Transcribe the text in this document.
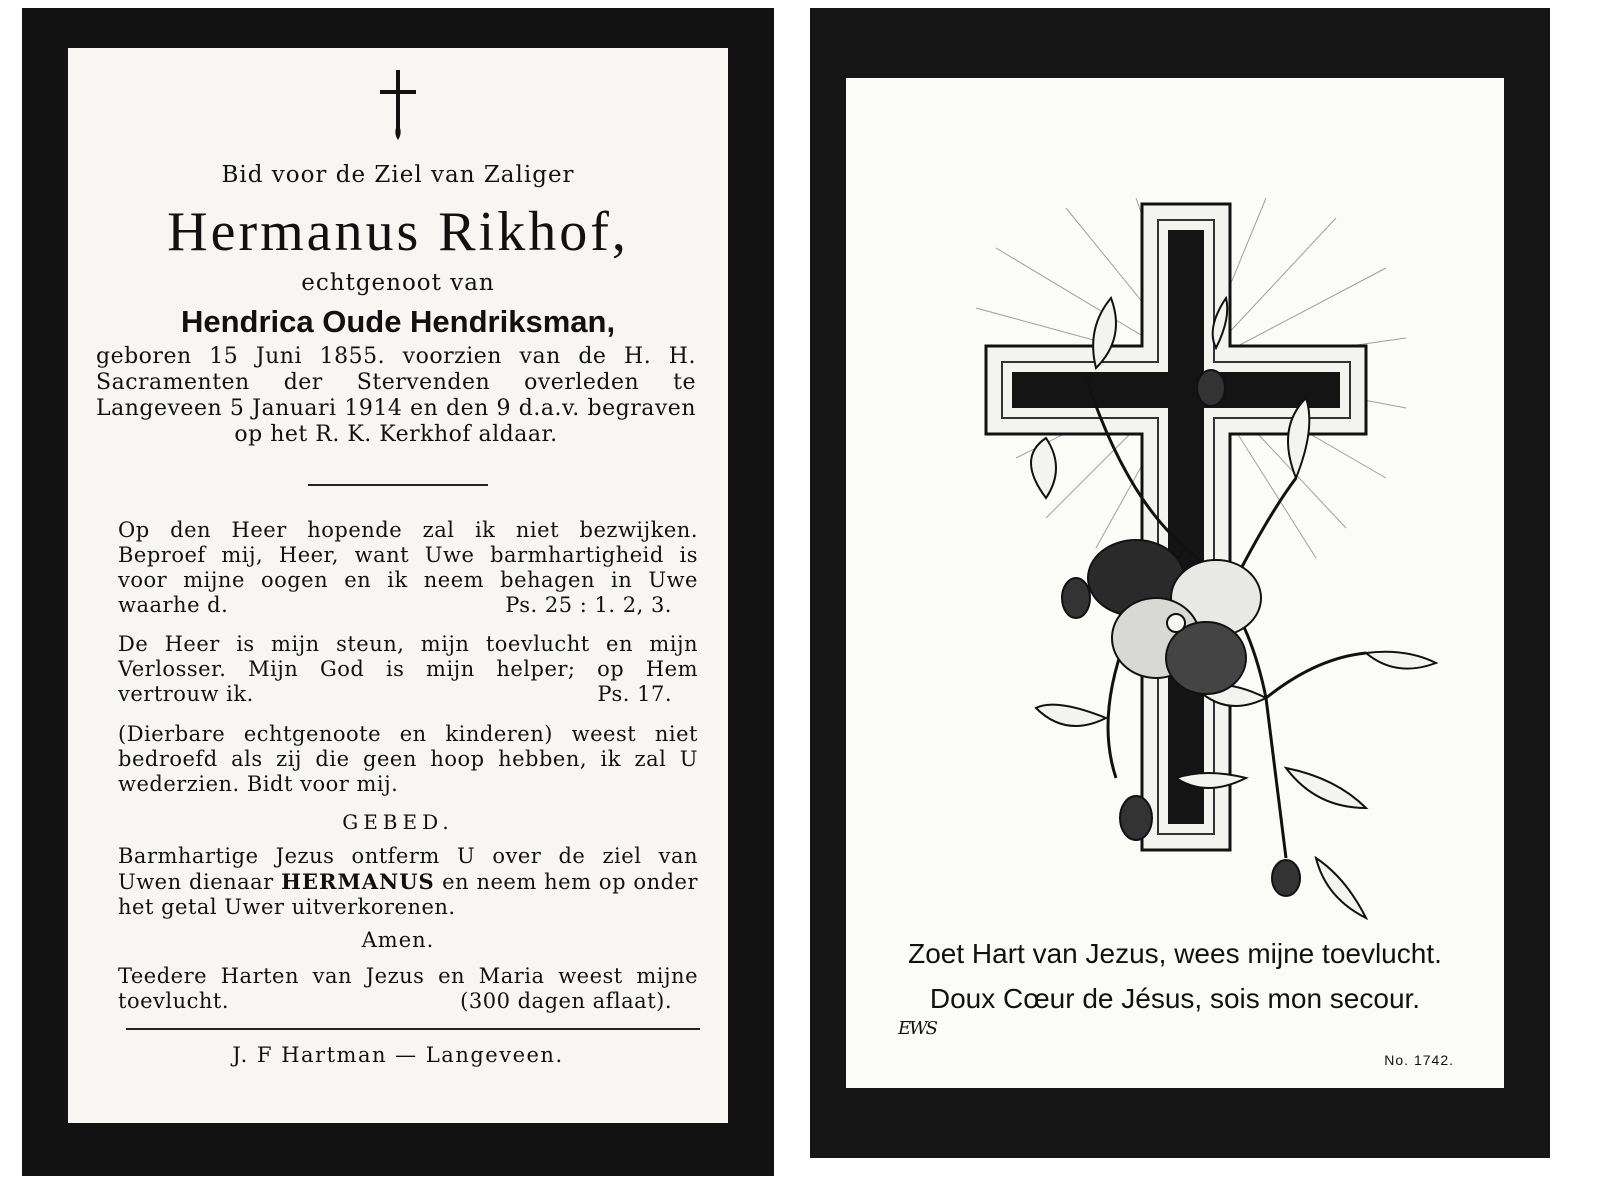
Bid voor de Ziel van Zaliger
Hermanus Rikhof,
echtgenoot van
Hendrica Oude Hendriksman,
geboren 15 Juni 1855. voorzien van de H. H. Sacramenten der Stervenden overleden te Langeveen 5 Januari 1914 en den 9 d.a.v. begraven op het R. K. Kerkhof aldaar.
Op den Heer hopende zal ik niet bezwijken. Beproef mij, Heer, want Uwe barmhartigheid is voor mijne oogen en ik neem behagen in Uwe waarhe d.	Ps. 25 : 1. 2, 3.
De Heer is mijn steun, mijn toevlucht en mijn Verlosser. Mijn God is mijn helper; op Hem vertrouw ik.	Ps. 17.
(Dierbare echtgenoote en kinderen) weest niet bedroefd als zij die geen hoop hebben, ik zal U wederzien. Bidt voor mij.
GEBED.
Barmhartige Jezus ontferm U over de ziel van Uwen dienaar HERMANUS en neem hem op onder het getal Uwer uitverkorenen.
Amen.
Teedere Harten van Jezus en Maria weest mijne toevlucht.	(300 dagen aflaat).
J. F Hartman — Langeveen.
Zoet Hart van Jezus, wees mijne toevlucht.
Doux Cœur de Jésus, sois mon secour.
EWS
No. 1742.
